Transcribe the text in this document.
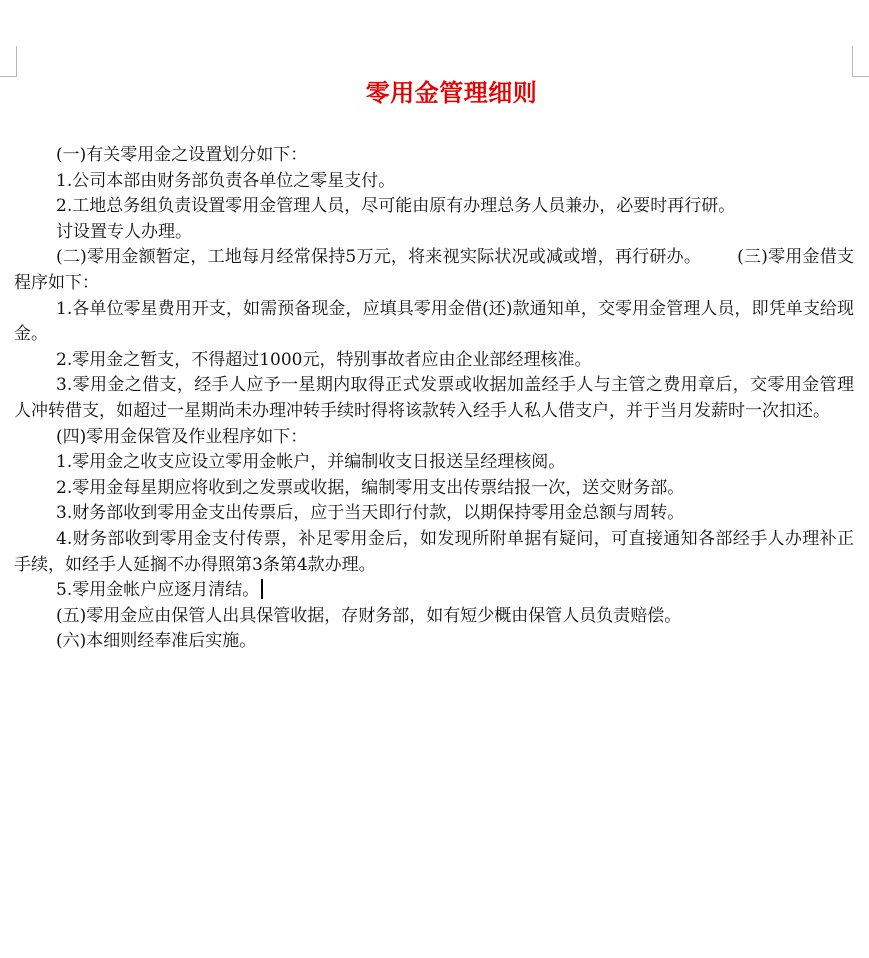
零用金管理细则

(一)有关零用金之设置划分如下：

1.公司本部由财务部负责各单位之零星支付。

2.工地总务组负责设置零用金管理人员，尽可能由原有办理总务人员兼办，必要时再行研。

讨设置专人办理。

(二)零用金额暂定，工地每月经常保持5万元，将来视实际状况或减或增，再行研办。 (三)零用金借支程序如下：

1.各单位零星费用开支，如需预备现金，应填具零用金借(还)款通知单，交零用金管理人员，即凭单支给现金。

2.零用金之暂支，不得超过1000元，特别事故者应由企业部经理核准。

3.零用金之借支，经手人应予一星期内取得正式发票或收据加盖经手人与主管之费用章后，交零用金管理人冲转借支，如超过一星期尚未办理冲转手续时得将该款转入经手人私人借支户，并于当月发薪时一次扣还。

(四)零用金保管及作业程序如下：

1.零用金之收支应设立零用金帐户，并编制收支日报送呈经理核阅。

2.零用金每星期应将收到之发票或收据，编制零用支出传票结报一次，送交财务部。

3.财务部收到零用金支出传票后，应于当天即行付款，以期保持零用金总额与周转。

4.财务部收到零用金支付传票，补足零用金后，如发现所附单据有疑问，可直接通知各部经手人办理补正手续，如经手人延搁不办得照第3条第4款办理。

5.零用金帐户应逐月清结。

(五)零用金应由保管人出具保管收据，存财务部，如有短少概由保管人员负责赔偿。

(六)本细则经奉准后实施。
